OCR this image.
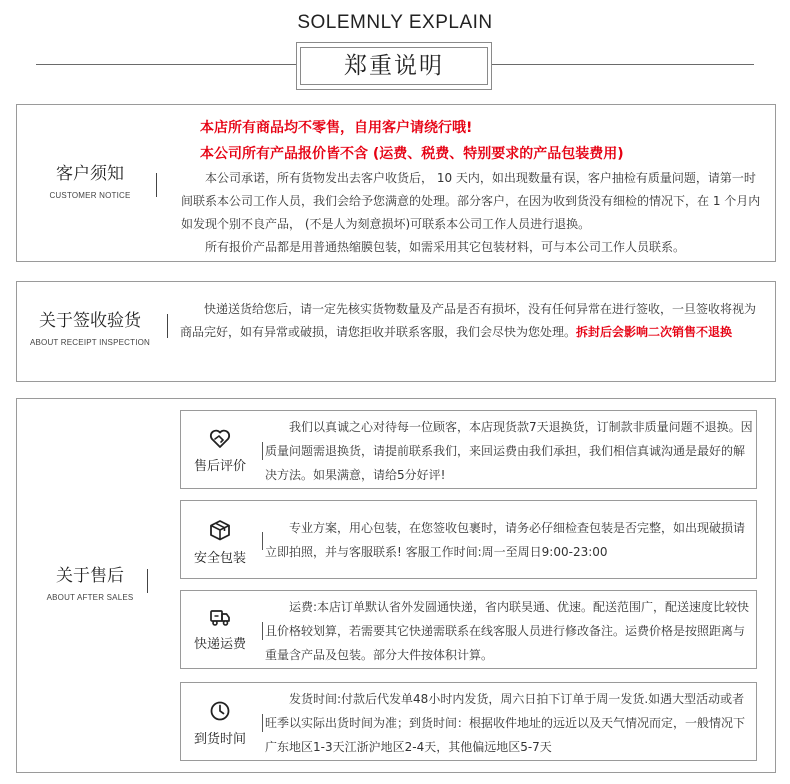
SOLEMNLY EXPLAIN
郑重说明
客户须知
CUSTOMER NOTICE
本店所有商品均不零售，自用客户请绕行哦!
本公司所有产品报价皆不含 (运费、税费、特别要求的产品包装费用)
本公司承诺，所有货物发出去客户收货后， 10 天内，如出现数量有误，客户抽检有质量问题，请第一时间联系本公司工作人员，我们会给予您满意的处理。部分客户，在因为收到货没有细检的情况下，在 1 个月内如发现个别不良产品， (不是人为刻意损坏)可联系本公司工作人员进行退换。
所有报价产品都是用普通热缩膜包装，如需采用其它包装材料，可与本公司工作人员联系。
关于签收验货
ABOUT RECEIPT INSPECTION
快递送货给您后，请一定先核实货物数量及产品是否有损坏，没有任何异常在进行签收，一旦签收将视为商品完好，如有异常或破损，请您拒收并联系客服，我们会尽快为您处理。拆封后会影响二次销售不退换
关于售后
ABOUT AFTER SALES
售后评价
我们以真诚之心对待每一位顾客，本店现货款7天退换货，订制款非质量问题不退换。因质量问题需退换货，请提前联系我们，来回运费由我们承担，我们相信真诚沟通是最好的解决方法。如果满意，请给5分好评!
安全包装
专业方案，用心包装，在您签收包裹时，请务必仔细检查包装是否完整，如出现破损请立即拍照，并与客服联系! 客服工作时间:周一至周日9:00-23:00
快递运费
运费:本店订单默认省外发圆通快递，省内联昊通、优速。配送范围广，配送速度比较快且价格较划算，若需要其它快递需联系在线客服人员进行修改备注。运费价格是按照距离与重量含产品及包装。部分大件按体积计算。
到货时间
发货时间:付款后代发单48小时内发货，周六日拍下订单于周一发货.如遇大型活动或者旺季以实际出货时间为准；到货时间：根据收件地址的远近以及天气情况而定，一般情况下广东地区1-3天江浙沪地区2-4天，其他偏远地区5-7天
